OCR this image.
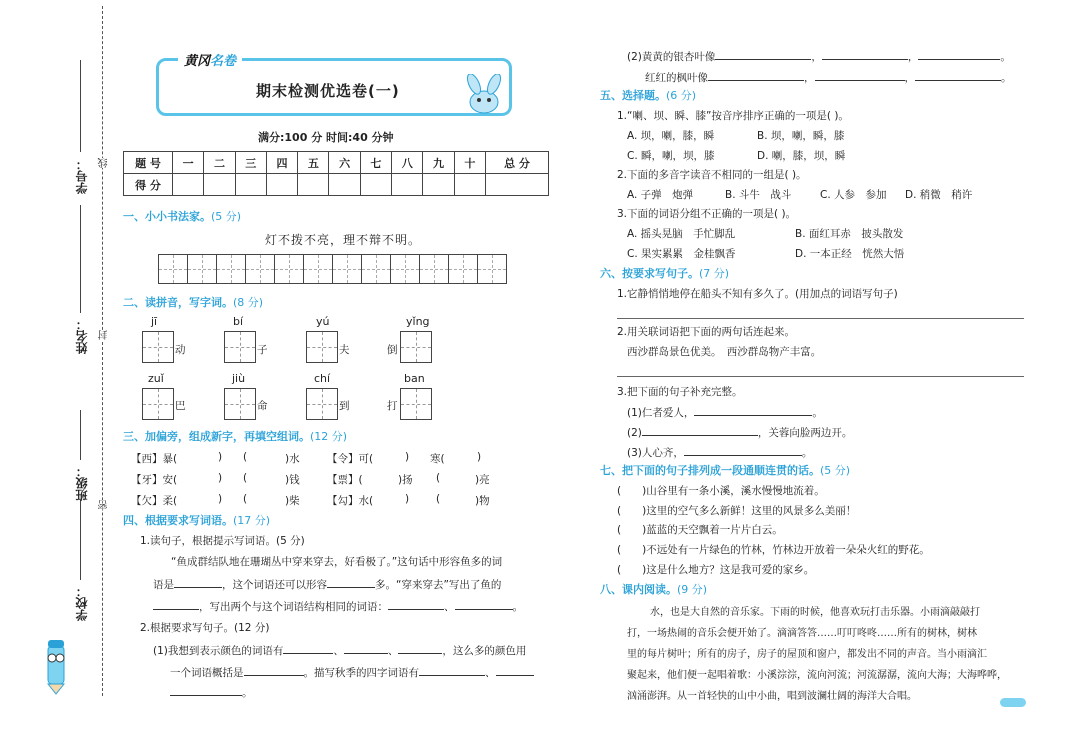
学校：
班级：
姓名：
学号： 线
封
密
黄冈名卷
期末检测优选卷(一)
满分:100 分 时间:40 分钟
题 号	一	二	三	四	五	六	七	八	九	十	总 分
得 分											
一、小小书法家。(5 分)
灯不拨不亮，理不辩不明。
二、读拼音，写字词。(8 分)
jī
动
bí
子
yú
夫
yǐng
倒
zuǐ
巴
jiù
命
chí
到
ban
打
三、加偏旁，组成新字，再填空组词。(12 分)
【西】暴(	) (	)水	【令】可(	) 寒(	)
【牙】安(	) (	)钱	【票】(	)扬 (	)亮
【欠】柔(	) (	)柴	【勾】水(	)	(	)物
四、根据要求写词语。(17 分)
1.读句子，根据提示写词语。(5 分)
“鱼成群结队地在珊瑚丛中穿来穿去，好看极了。”这句话中形容鱼多的词
语是	，这个词语还可以形容	多。“穿来穿去”写出了鱼的
，写出两个与这个词语结构相同的词语：	、	。
2.根据要求写句子。(12 分)
(1)我想到表示颜色的词语有	、	、	，这么多的颜色用
一个词语概括是	。描写秋季的四字词语有	、
。
(2)黄黄的银杏叶像	，	，	。
红红的枫叶像	，	，	。
五、选择题。(6 分)
1.“喇、坝、瞬、膝”按音序排序正确的一项是( )。
A. 坝，喇，膝，瞬	B. 坝，喇，瞬，膝
C. 瞬，喇，坝，膝	D. 喇，膝，坝，瞬
2.下面的多音字读音不相同的一组是( )。
A. 子弹　炮弹	B. 斗牛　战斗	C. 人参　参加 D. 稍微　稍许
3.下面的词语分组不正确的一项是( )。
A. 摇头晃脑　手忙脚乱	B. 面红耳赤　披头散发
C. 果实累累　金桂飘香	D. 一本正经　恍然大悟
六、按要求写句子。(7 分)
1.它静悄悄地停在船头不知有多久了。(用加点的词语写句子)
2.用关联词语把下面的两句话连起来。
西沙群岛景色优美。　西沙群岛物产丰富。
3.把下面的句子补充完整。
(1)仁者爱人，	。
(2)	，关蓉向脸两边开。
(3)人心齐，	。
七、把下面的句子排列成一段通顺连贯的话。(5 分)
(　　)山谷里有一条小溪，溪水慢慢地流着。
(　　)这里的空气多么新鲜！这里的风景多么美丽！
(　　)蓝蓝的天空飘着一片片白云。
(　　)不远处有一片绿色的竹林，竹林边开放着一朵朵火红的野花。
(　　)这是什么地方？这是我可爱的家乡。
八、课内阅读。(9 分)
水，也是大自然的音乐家。下雨的时候，他喜欢玩打击乐器。小雨滴敲敲打
打，一场热闹的音乐会便开始了。滴滴答答……叮叮咚咚……所有的树林，树林
里的每片树叶；所有的房子，房子的屋顶和窗户，都发出不同的声音。当小雨滴汇
聚起来，他们便一起唱着歌：小溪淙淙，流向河流；河流潺潺，流向大海；大海哗哗，
汹涌澎湃。从一首轻快的山中小曲，唱到波澜壮阔的海洋大合唱。
